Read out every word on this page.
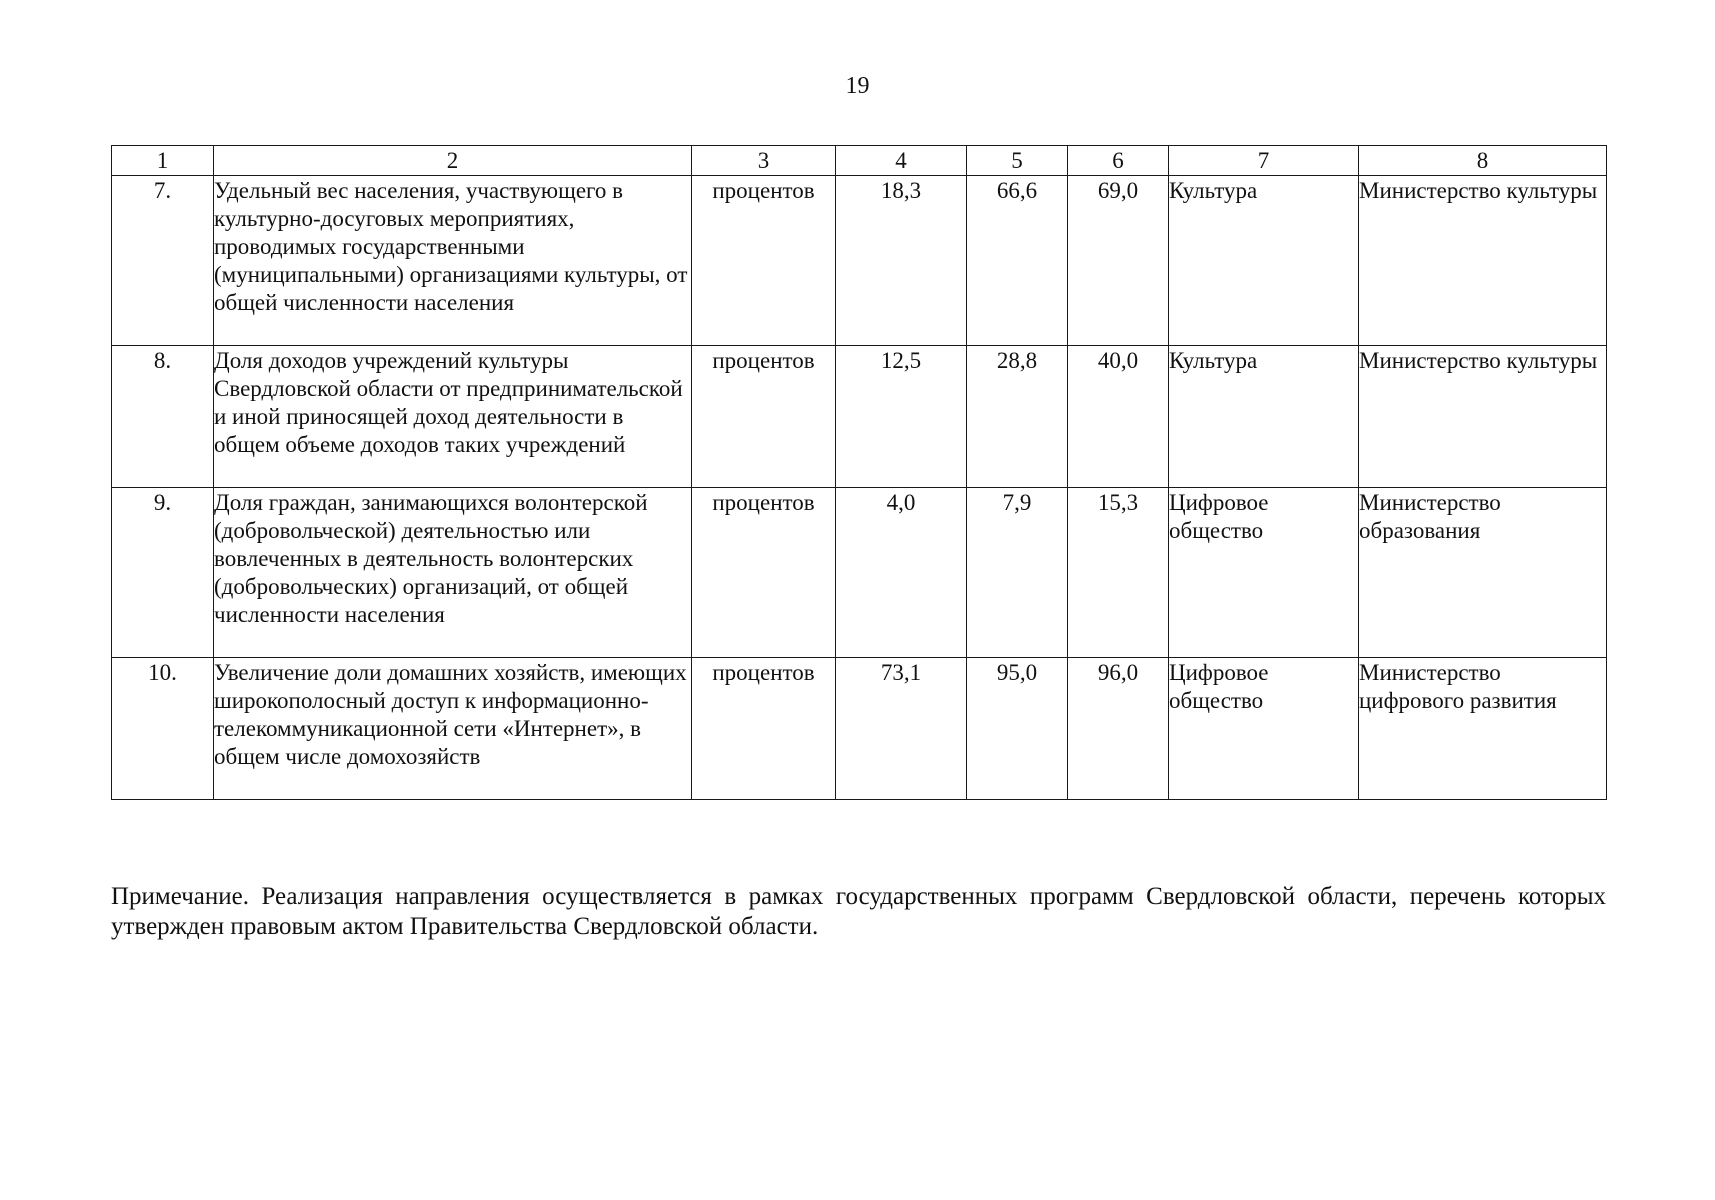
19
1	2	3	4	5	6	7	8
7.	Удельный вес населения, участвующего в культурно-досуговых мероприятиях, проводимых государственными (муниципальными) организациями культуры, от общей численности населения	процентов	18,3	66,6	69,0	Культура	Министерство культуры
8.	Доля доходов учреждений культуры Свердловской области от предпринимательской и иной приносящей доход деятельности в общем объеме доходов таких учреждений	процентов	12,5	28,8	40,0	Культура	Министерство культуры
9.	Доля граждан, занимающихся волонтерской (добровольческой) деятельностью или вовлеченных в деятельность волонтерских (добровольческих) организаций, от общей численности населения	процентов	4,0	7,9	15,3	Цифровое общество	Министерство образования
10.	Увеличение доли домашних хозяйств, имеющих широкополосный доступ к информационно-телекоммуникационной сети «Интернет», в общем числе домохозяйств	процентов	73,1	95,0	96,0	Цифровое общество	Министерство цифрового развития

Примечание. Реализация направления осуществляется в рамках государственных программ Свердловской области, перечень которых утвержден правовым актом Правительства Свердловской области.
